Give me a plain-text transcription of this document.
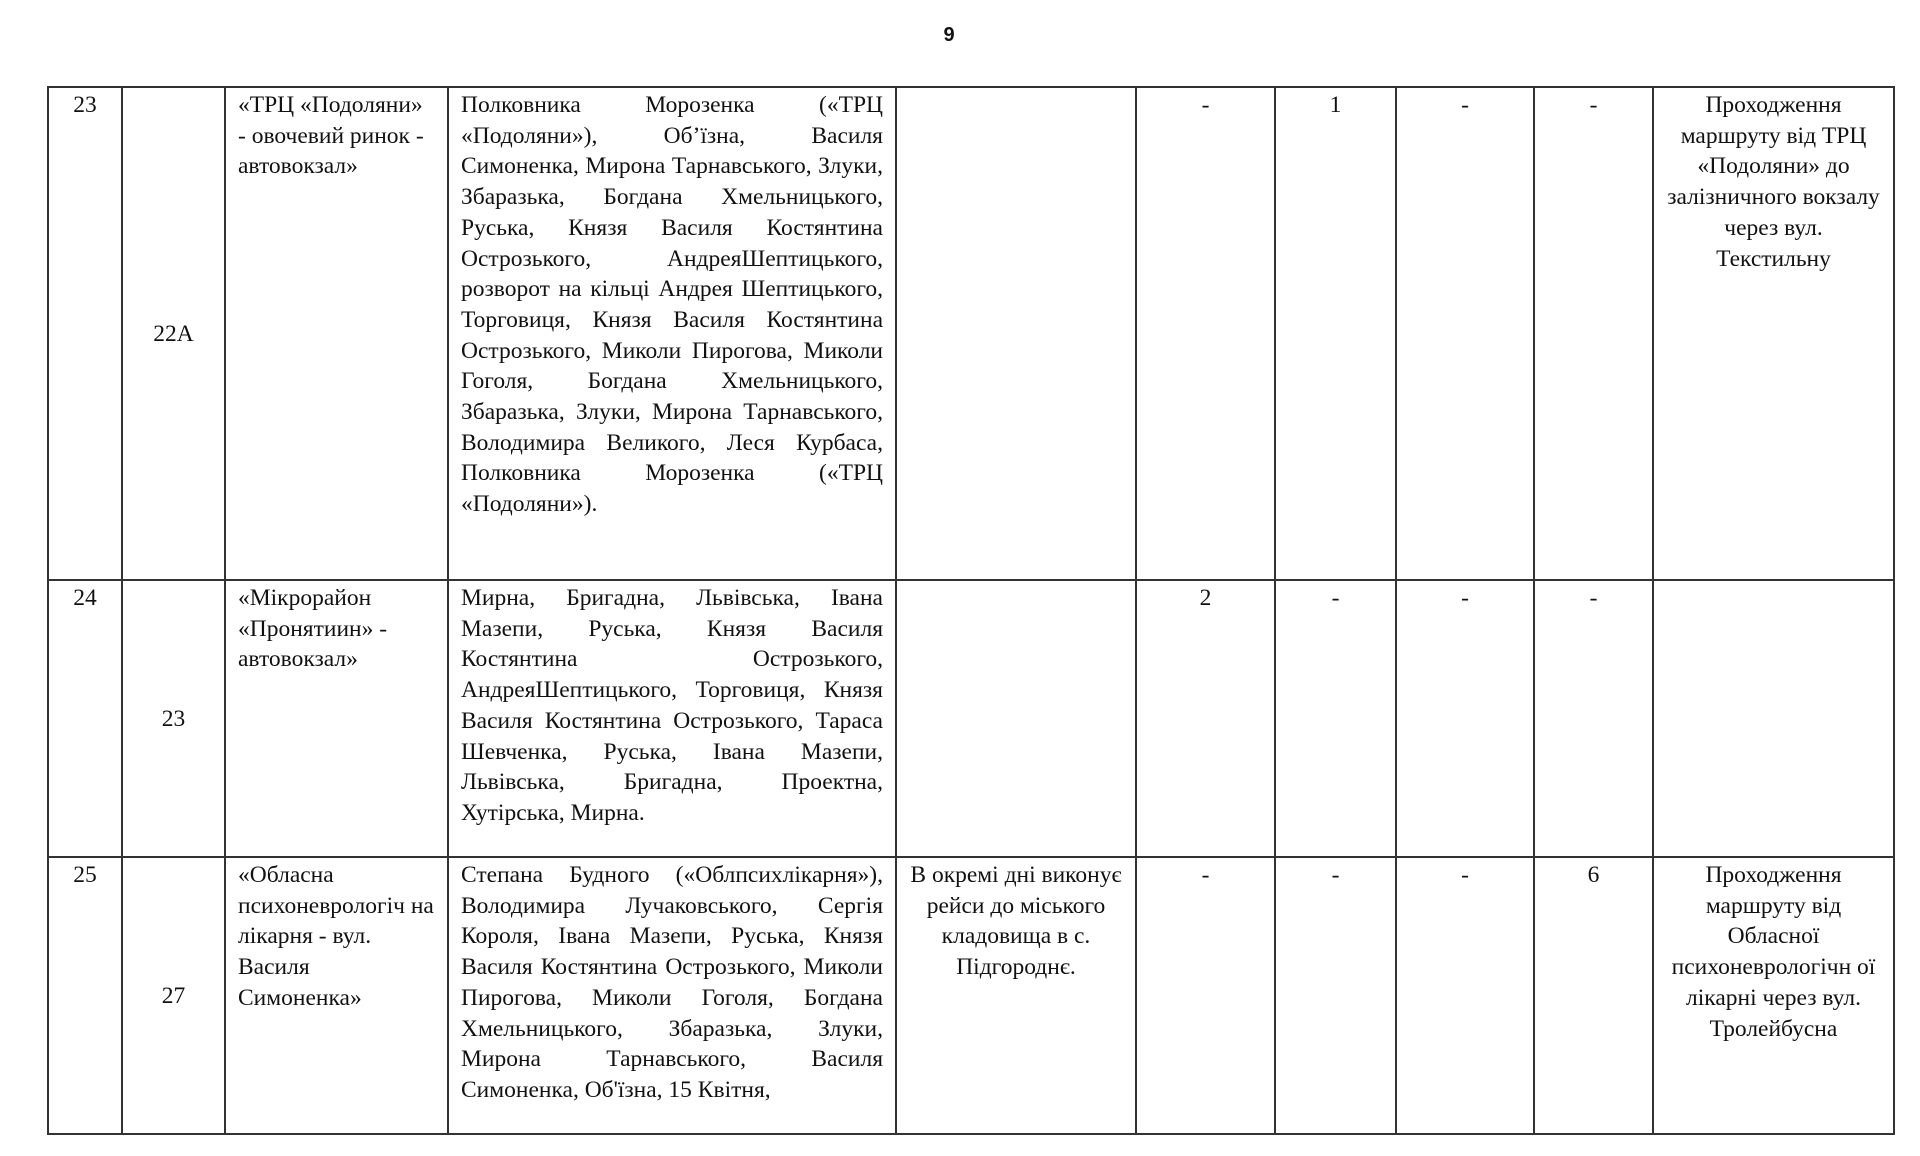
9
23	22А	«ТРЦ «Подоляни» - овочевий ринок - автовокзал»	Полковника Морозенка («ТРЦ «Подоляни»), Об’їзна, Василя Симоненка, Мирона Тарнавського, Злуки, Збаразька, Богдана Хмельницького, Руська, Князя Василя Костянтина Острозького, АндреяШептицького, розворот на кільці Андрея Шептицького, Торговиця, Князя Василя Костянтина Острозького, Миколи Пирогова, Миколи Гоголя, Богдана Хмельницького, Збаразька, Злуки, Мирона Тарнавського, Володимира Великого, Леся Курбаса, Полковника Морозенка («ТРЦ «Подоляни»).		-	1	-	-	Проходження маршруту від ТРЦ «Подоляни» до залізничного вокзалу через вул. Текстильну
24	23	«Мікрорайон «Пронятиин» - автовокзал»	Мирна, Бригадна, Львівська, Івана Мазепи, Руська, Князя Василя Костянтина Острозького, АндреяШептицького, Торговиця, Князя Василя Костянтина Острозького, Тараса Шевченка, Руська, Івана Мазепи, Львівська, Бригадна, Проектна, Хутірська, Мирна.		2	-	-	-	
25	27	«Обласна психоневрологіч на лікарня - вул. Василя Симоненка»	Степана Будного («Облпсихлікарня»), Володимира Лучаковського, Сергія Короля, Івана Мазепи, Руська, Князя Василя Костянтина Острозького, Миколи Пирогова, Миколи Гоголя, Богдана Хмельницького, Збаразька, Злуки, Мирона Тарнавського, Василя Симоненка, Об'їзна, 15 Квітня,	В окремі дні виконує рейси до міського кладовища в с. Підгороднє.	-	-	-	6	Проходження маршруту від Обласної психоневрологічн ої лікарні через вул. Тролейбусна
